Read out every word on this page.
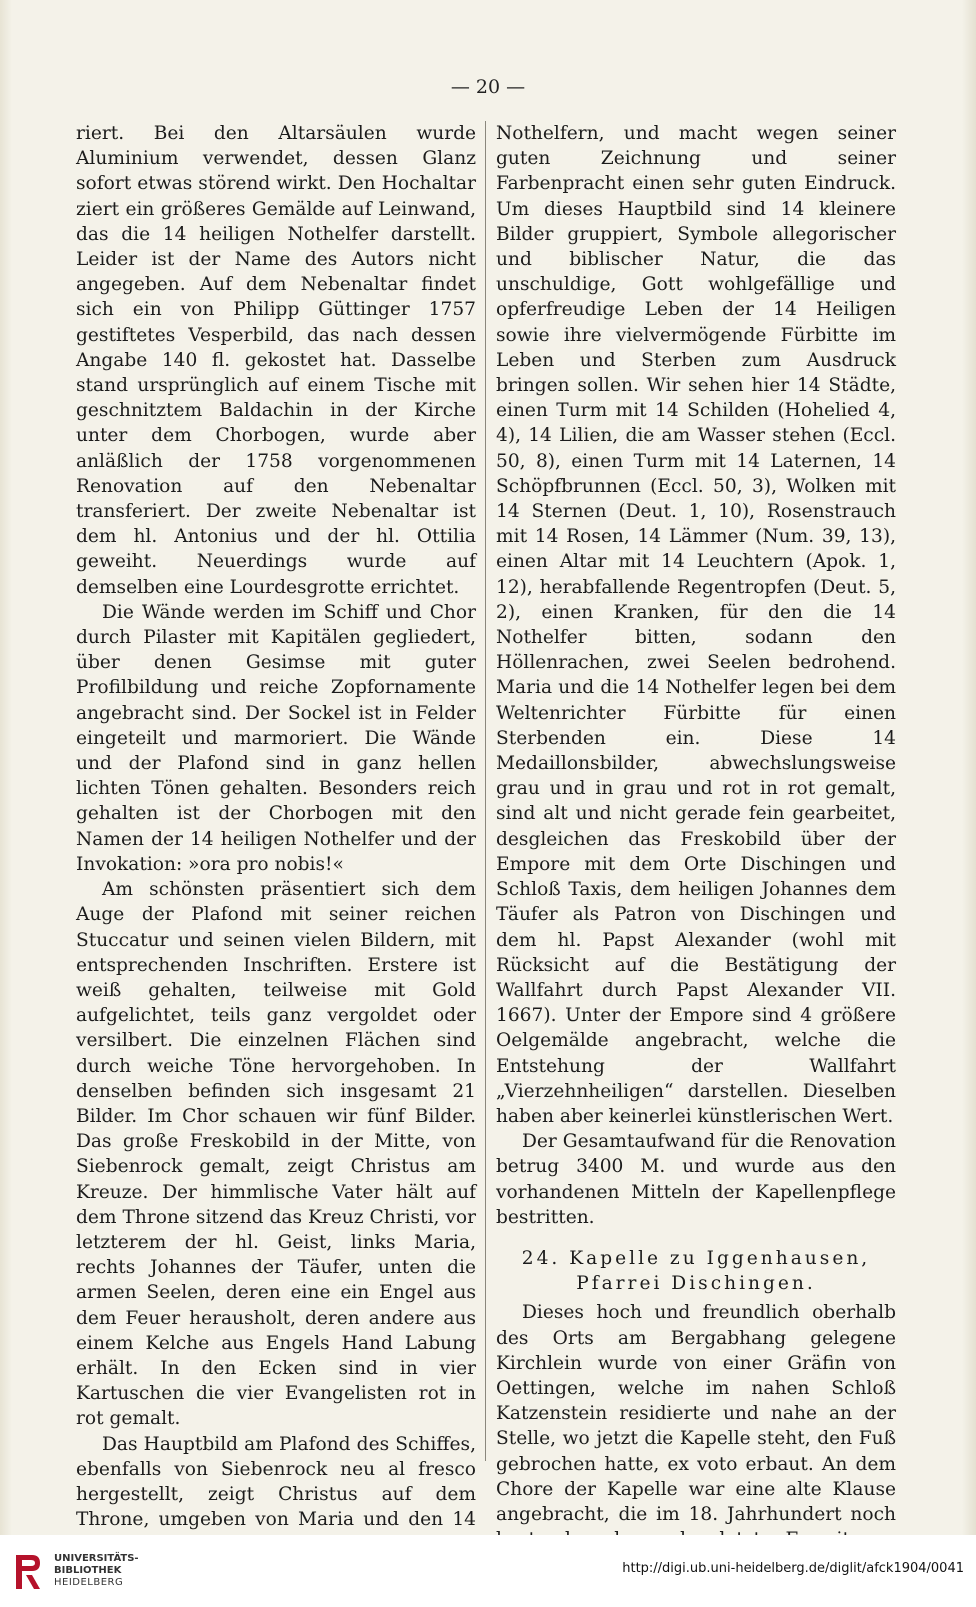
— 20 —

riert. Bei den Altarsäulen wurde Aluminium verwendet, dessen Glanz sofort etwas störend wirkt. Den Hochaltar ziert ein größeres Gemälde auf Leinwand, das die 14 heiligen Nothelfer darstellt. Leider ist der Name des Autors nicht angegeben. Auf dem Nebenaltar findet sich ein von Philipp Güttinger 1757 gestiftetes Vesperbild, das nach dessen Angabe 140 fl. gekostet hat. Dasselbe stand ursprünglich auf einem Tische mit geschnitztem Baldachin in der Kirche unter dem Chorbogen, wurde aber anläßlich der 1758 vorgenommenen Renovation auf den Nebenaltar transferiert. Der zweite Nebenaltar ist dem hl. Antonius und der hl. Ottilia geweiht. Neuerdings wurde auf demselben eine Lourdesgrotte errichtet.

Die Wände werden im Schiff und Chor durch Pilaster mit Kapitälen gegliedert, über denen Gesimse mit guter Profilbildung und reiche Zopfornamente angebracht sind. Der Sockel ist in Felder eingeteilt und marmoriert. Die Wände und der Plafond sind in ganz hellen lichten Tönen gehalten. Besonders reich gehalten ist der Chorbogen mit den Namen der 14 heiligen Nothelfer und der Invokation: »ora pro nobis!«

Am schönsten präsentiert sich dem Auge der Plafond mit seiner reichen Stuccatur und seinen vielen Bildern, mit entsprechenden Inschriften. Erstere ist weiß gehalten, teilweise mit Gold aufgelichtet, teils ganz vergoldet oder versilbert. Die einzelnen Flächen sind durch weiche Töne hervorgehoben. In denselben befinden sich insgesamt 21 Bilder. Im Chor schauen wir fünf Bilder. Das große Freskobild in der Mitte, von Siebenrock gemalt, zeigt Christus am Kreuze. Der himmlische Vater hält auf dem Throne sitzend das Kreuz Christi, vor letzterem der hl. Geist, links Maria, rechts Johannes der Täufer, unten die armen Seelen, deren eine ein Engel aus dem Feuer herausholt, deren andere aus einem Kelche aus Engels Hand Labung erhält. In den Ecken sind in vier Kartuschen die vier Evangelisten rot in rot gemalt.

Das Hauptbild am Plafond des Schiffes, ebenfalls von Siebenrock neu al fresco hergestellt, zeigt Christus auf dem Throne, umgeben von Maria und den 14

Nothelfern, und macht wegen seiner guten Zeichnung und seiner Farbenpracht einen sehr guten Eindruck. Um dieses Hauptbild sind 14 kleinere Bilder gruppiert, Symbole allegorischer und biblischer Natur, die das unschuldige, Gott wohlgefällige und opferfreudige Leben der 14 Heiligen sowie ihre vielvermögende Fürbitte im Leben und Sterben zum Ausdruck bringen sollen. Wir sehen hier 14 Städte, einen Turm mit 14 Schilden (Hohelied 4, 4), 14 Lilien, die am Wasser stehen (Eccl. 50, 8), einen Turm mit 14 Laternen, 14 Schöpfbrunnen (Eccl. 50, 3), Wolken mit 14 Sternen (Deut. 1, 10), Rosenstrauch mit 14 Rosen, 14 Lämmer (Num. 39, 13), einen Altar mit 14 Leuchtern (Apok. 1, 12), herabfallende Regentropfen (Deut. 5, 2), einen Kranken, für den die 14 Nothelfer bitten, sodann den Höllenrachen, zwei Seelen bedrohend. Maria und die 14 Nothelfer legen bei dem Weltenrichter Fürbitte für einen Sterbenden ein. Diese 14 Medaillonsbilder, abwechslungsweise grau und in grau und rot in rot gemalt, sind alt und nicht gerade fein gearbeitet, desgleichen das Freskobild über der Empore mit dem Orte Dischingen und Schloß Taxis, dem heiligen Johannes dem Täufer als Patron von Dischingen und dem hl. Papst Alexander (wohl mit Rücksicht auf die Bestätigung der Wallfahrt durch Papst Alexander VII. 1667). Unter der Empore sind 4 größere Oelgemälde angebracht, welche die Entstehung der Wallfahrt „Vierzehnheiligen“ darstellen. Dieselben haben aber keinerlei künstlerischen Wert.

Der Gesamtaufwand für die Renovation betrug 3400 M. und wurde aus den vorhandenen Mitteln der Kapellenpflege bestritten.

24. Kapelle zu Iggenhausen,
Pfarrei Dischingen.

Dieses hoch und freundlich oberhalb des Orts am Bergabhang gelegene Kirchlein wurde von einer Gräfin von Oettingen, welche im nahen Schloß Katzenstein residierte und nahe an der Stelle, wo jetzt die Kapelle steht, den Fuß gebrochen hatte, ex voto erbaut. An dem Chore der Kapelle war eine alte Klause angebracht, die im 18. Jahrhundert noch

UNIVERSITÄTS-
BIBLIOTHEK
HEIDELBERG
http://digi.ub.uni-heidelberg.de/diglit/afck1904/0041
